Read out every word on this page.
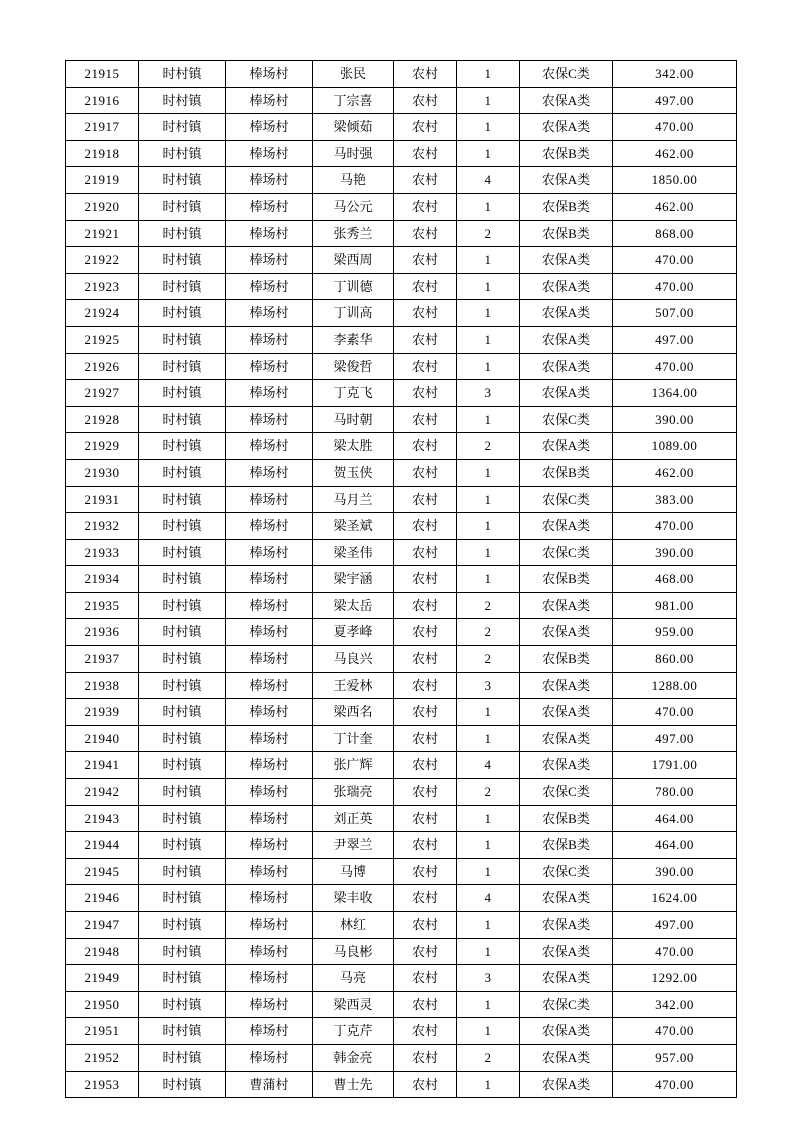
21915	时村镇	棒场村	张民	农村	1	农保C类	342.00
21916	时村镇	棒场村	丁宗喜	农村	1	农保A类	497.00
21917	时村镇	棒场村	梁倾茹	农村	1	农保A类	470.00
21918	时村镇	棒场村	马时强	农村	1	农保B类	462.00
21919	时村镇	棒场村	马艳	农村	4	农保A类	1850.00
21920	时村镇	棒场村	马公元	农村	1	农保B类	462.00
21921	时村镇	棒场村	张秀兰	农村	2	农保B类	868.00
21922	时村镇	棒场村	梁西周	农村	1	农保A类	470.00
21923	时村镇	棒场村	丁训德	农村	1	农保A类	470.00
21924	时村镇	棒场村	丁训高	农村	1	农保A类	507.00
21925	时村镇	棒场村	李素华	农村	1	农保A类	497.00
21926	时村镇	棒场村	梁俊哲	农村	1	农保A类	470.00
21927	时村镇	棒场村	丁克飞	农村	3	农保A类	1364.00
21928	时村镇	棒场村	马时朝	农村	1	农保C类	390.00
21929	时村镇	棒场村	梁太胜	农村	2	农保A类	1089.00
21930	时村镇	棒场村	贺玉侠	农村	1	农保B类	462.00
21931	时村镇	棒场村	马月兰	农村	1	农保C类	383.00
21932	时村镇	棒场村	梁圣斌	农村	1	农保A类	470.00
21933	时村镇	棒场村	梁圣伟	农村	1	农保C类	390.00
21934	时村镇	棒场村	梁宇涵	农村	1	农保B类	468.00
21935	时村镇	棒场村	梁太岳	农村	2	农保A类	981.00
21936	时村镇	棒场村	夏孝峰	农村	2	农保A类	959.00
21937	时村镇	棒场村	马良兴	农村	2	农保B类	860.00
21938	时村镇	棒场村	王爱林	农村	3	农保A类	1288.00
21939	时村镇	棒场村	梁西名	农村	1	农保A类	470.00
21940	时村镇	棒场村	丁计奎	农村	1	农保A类	497.00
21941	时村镇	棒场村	张广辉	农村	4	农保A类	1791.00
21942	时村镇	棒场村	张瑞亮	农村	2	农保C类	780.00
21943	时村镇	棒场村	刘正英	农村	1	农保B类	464.00
21944	时村镇	棒场村	尹翠兰	农村	1	农保B类	464.00
21945	时村镇	棒场村	马博	农村	1	农保C类	390.00
21946	时村镇	棒场村	梁丰收	农村	4	农保A类	1624.00
21947	时村镇	棒场村	林红	农村	1	农保A类	497.00
21948	时村镇	棒场村	马良彬	农村	1	农保A类	470.00
21949	时村镇	棒场村	马亮	农村	3	农保A类	1292.00
21950	时村镇	棒场村	梁西灵	农村	1	农保C类	342.00
21951	时村镇	棒场村	丁克芹	农村	1	农保A类	470.00
21952	时村镇	棒场村	韩金亮	农村	2	农保A类	957.00
21953	时村镇	曹蒲村	曹士先	农村	1	农保A类	470.00
